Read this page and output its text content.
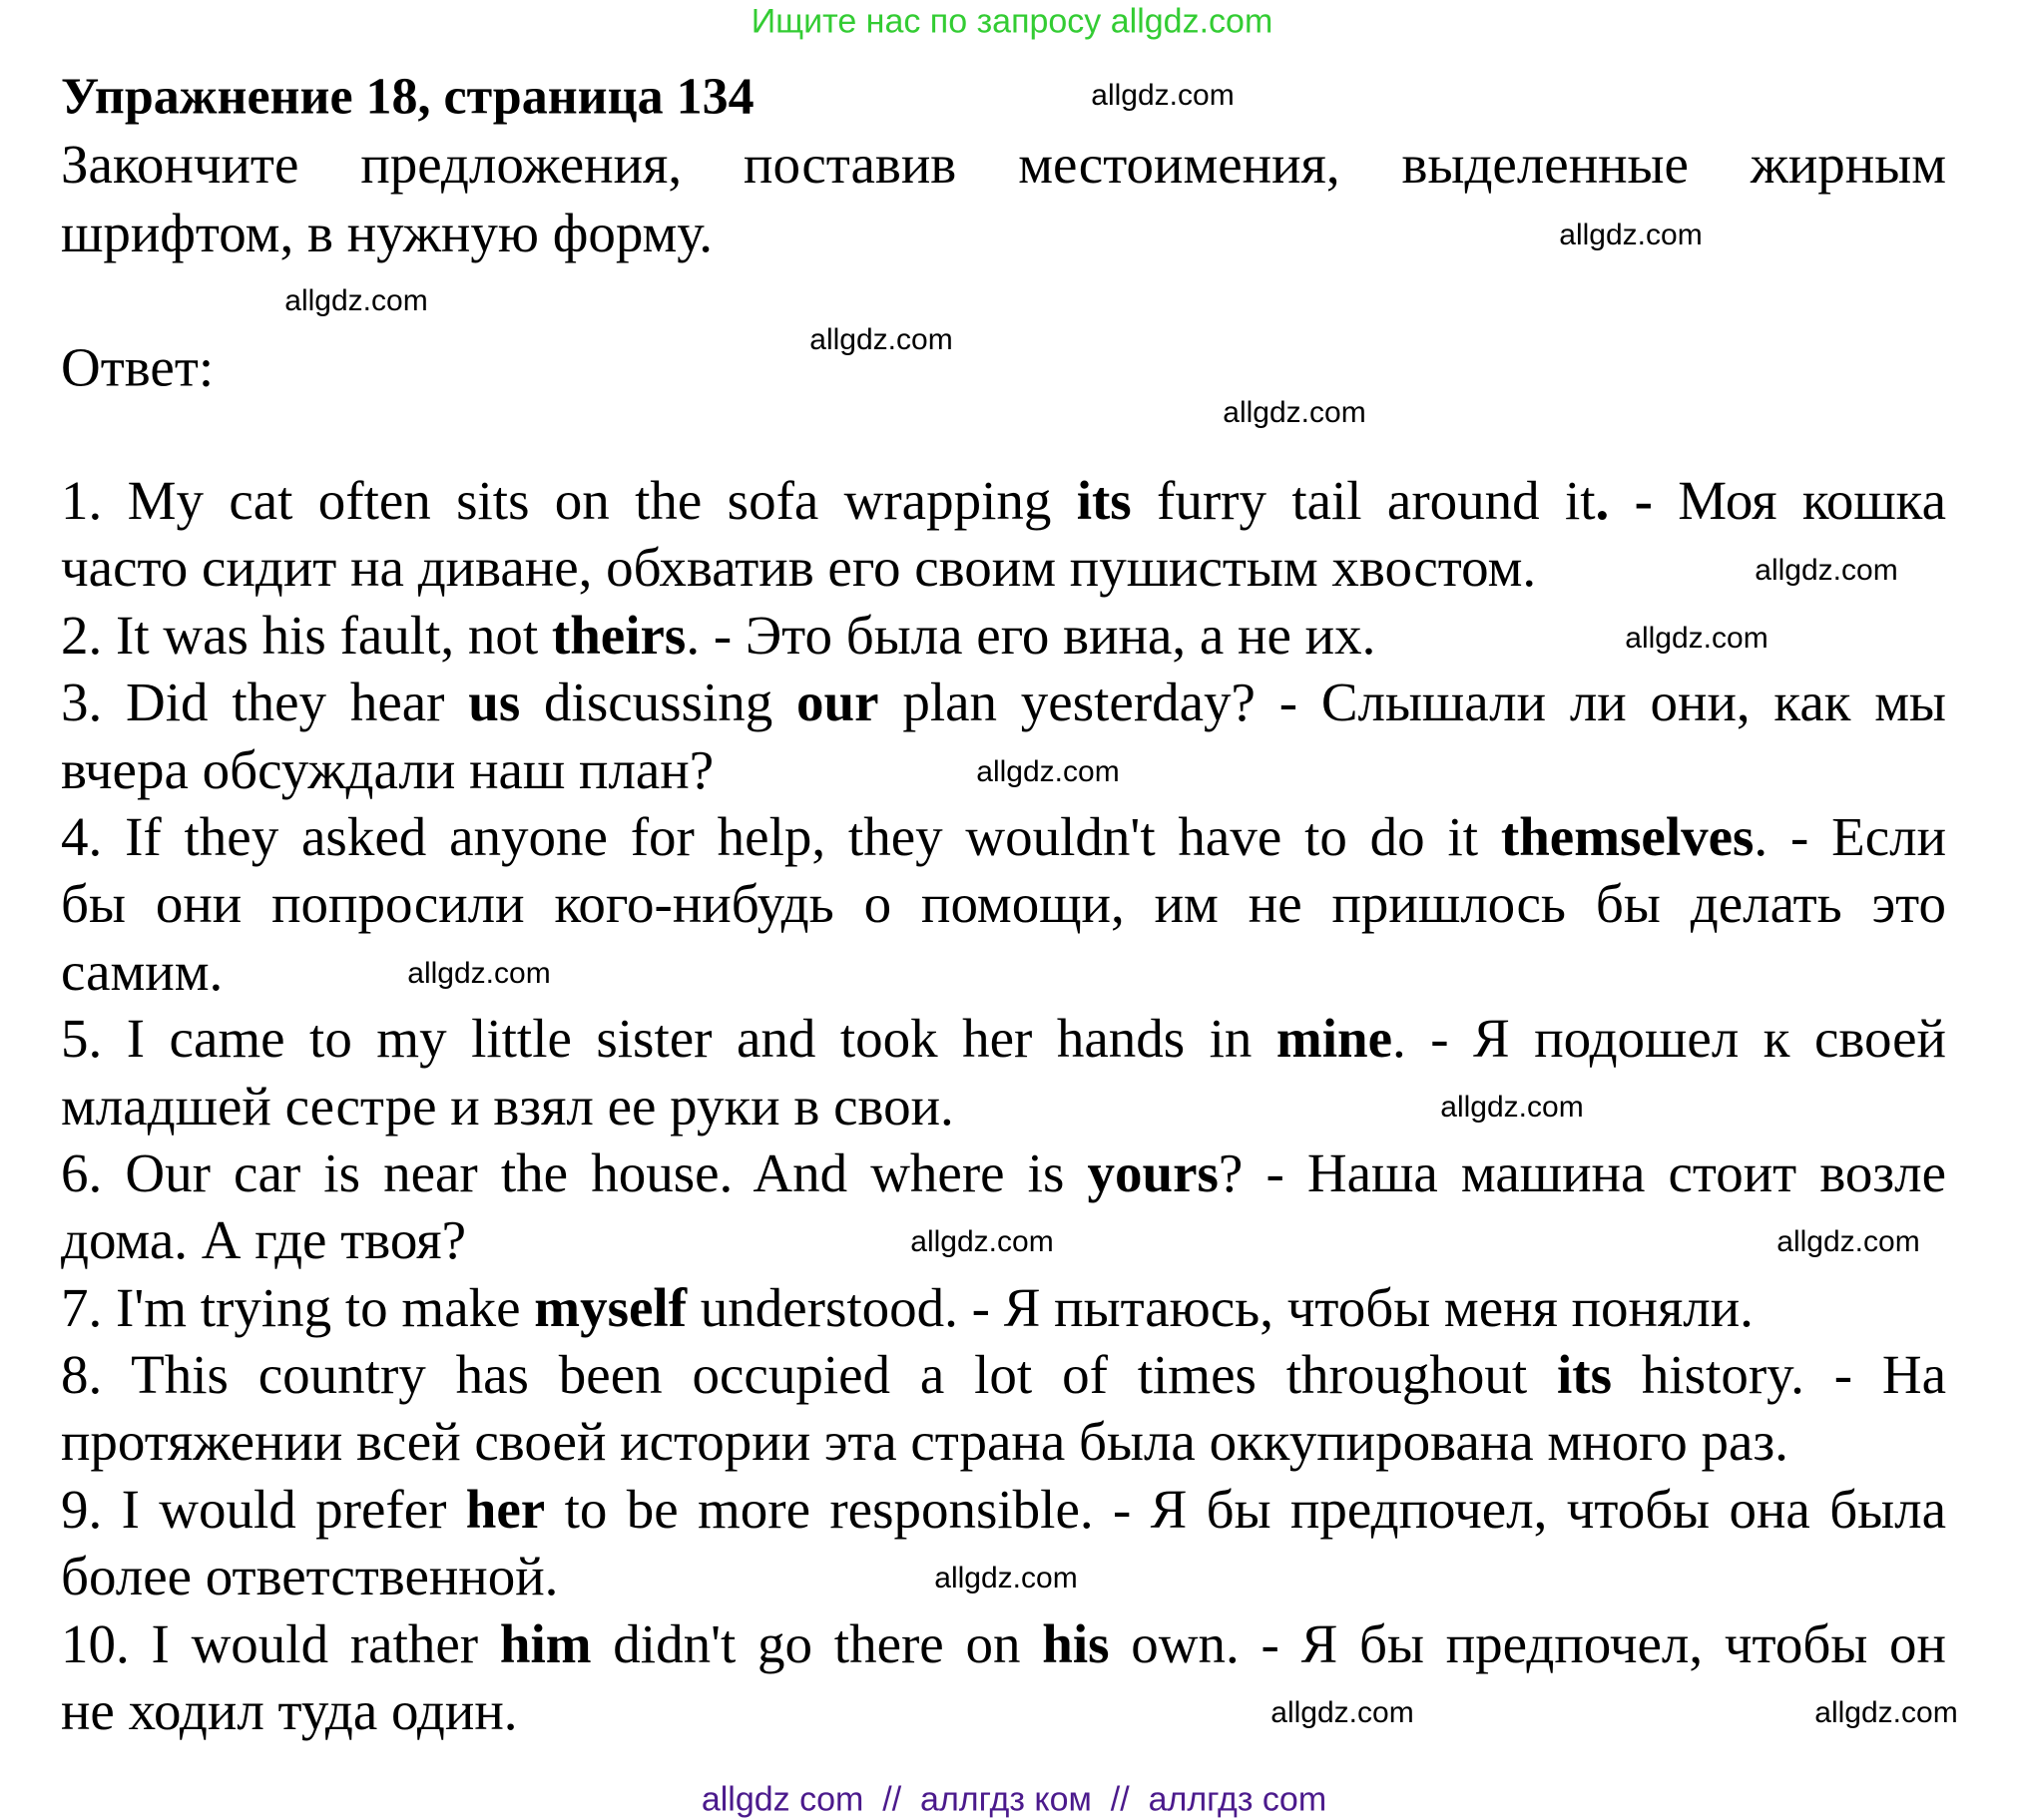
Ищите нас по запросу allgdz.com
Упражнение 18, страница 134
Закончите предложения, поставив местоимения, выделенные жирным
шрифтом, в нужную форму.
Ответ:
1. My cat often sits on the sofa wrapping its furry tail around it. - Моя кошка
часто сидит на диване, обхватив его своим пушистым хвостом.
2. It was his fault, not theirs. - Это была его вина, а не их.
3. Did they hear us discussing our plan yesterday? - Слышали ли они, как мы
вчера обсуждали наш план?
4. If they asked anyone for help, they wouldn't have to do it themselves. - Если
бы они попросили кого-нибудь о помощи, им не пришлось бы делать это
самим.
5. I came to my little sister and took her hands in mine. - Я подошел к своей
младшей сестре и взял ее руки в свои.
6. Our car is near the house. And where is yours? - Наша машина стоит возле
дома. А где твоя?
7. I'm trying to make myself understood. - Я пытаюсь, чтобы меня поняли.
8. This country has been occupied a lot of times throughout its history. - На
протяжении всей своей истории эта страна была оккупирована много раз.
9. I would prefer her to be more responsible. - Я бы предпочел, чтобы она была
более ответственной.
10. I would rather him didn't go there on his own. - Я бы предпочел, чтобы он
не ходил туда один.
allgdz.com
allgdz.com
allgdz.com
allgdz.com
allgdz.com
allgdz.com
allgdz.com
allgdz.com
allgdz.com
allgdz.com
allgdz.com	allgdz.com
allgdz.com
allgdz.com	allgdz.com
allgdz com  //  аллгдз ком  //  аллгдз com
